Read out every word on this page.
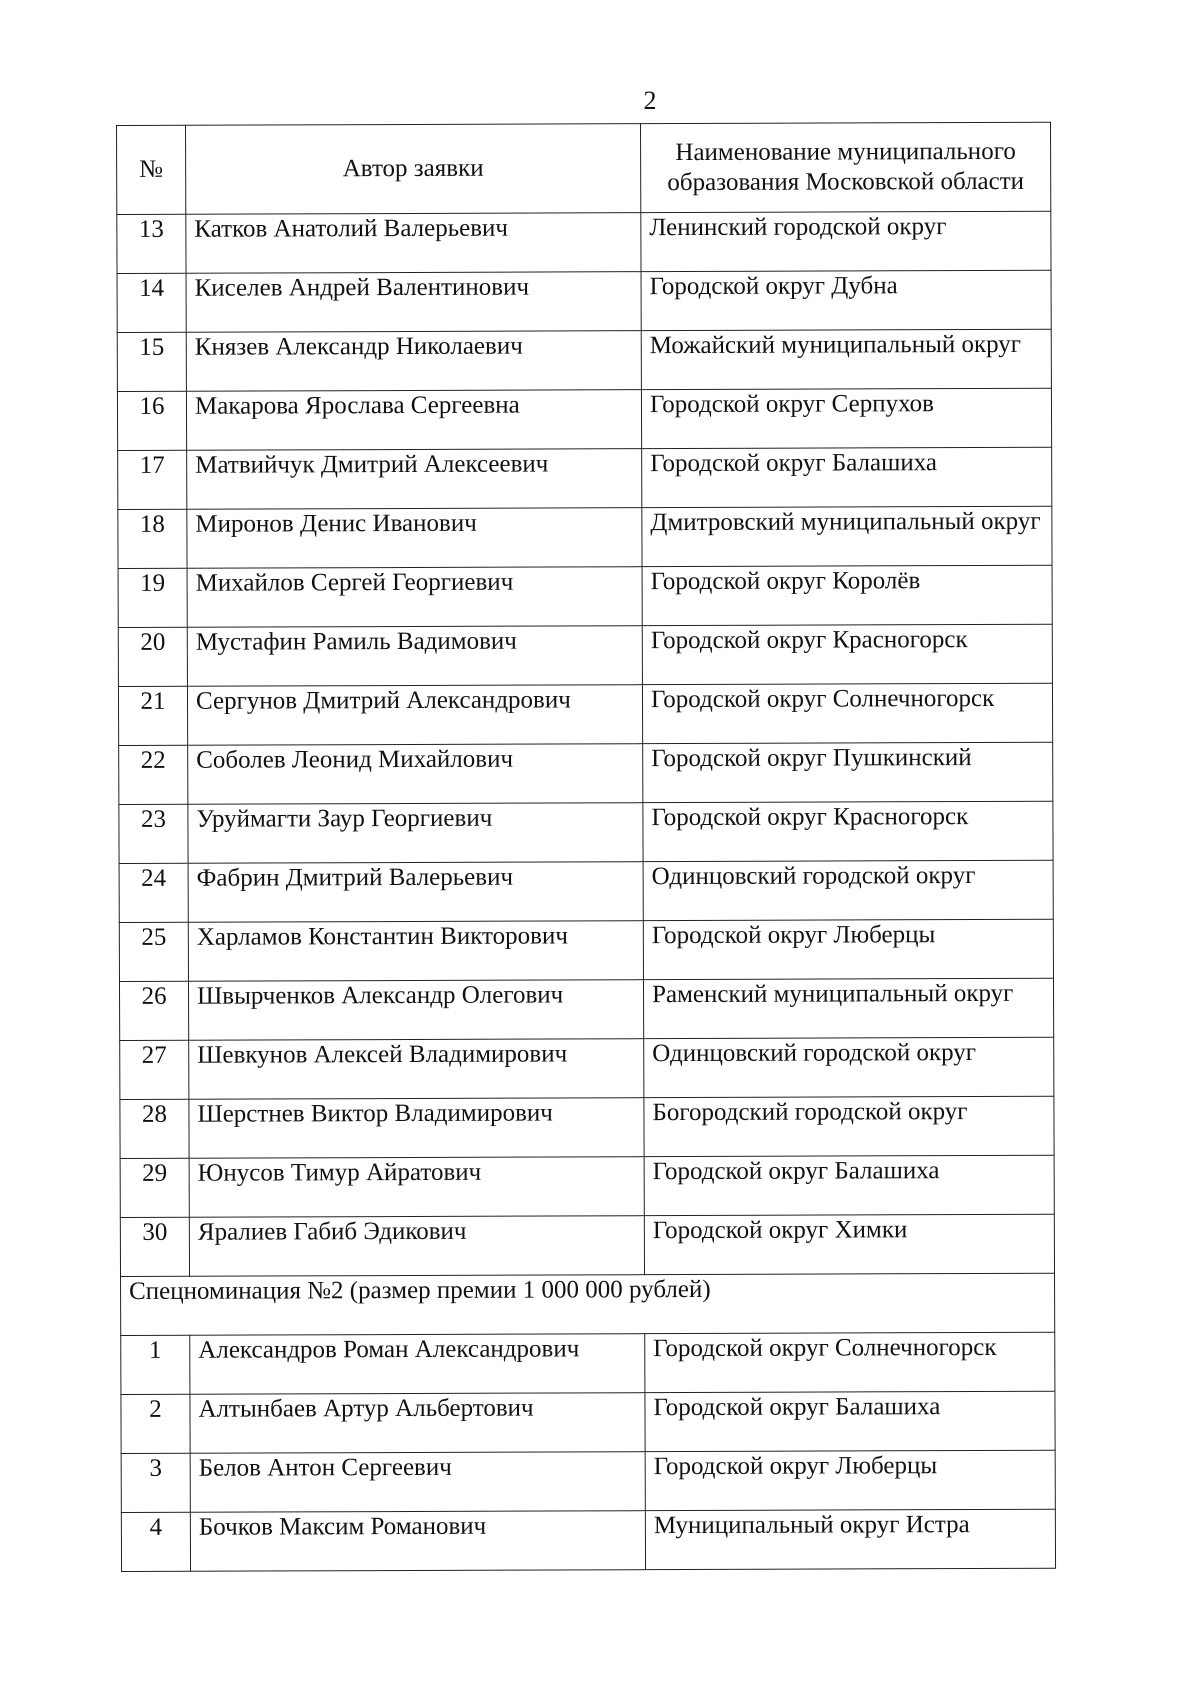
2
№	Автор заявки	Наименование муниципального образования Московской области
13	Катков Анатолий Валерьевич	Ленинский городской округ
14	Киселев Андрей Валентинович	Городской округ Дубна
15	Князев Александр Николаевич	Можайский муниципальный округ
16	Макарова Ярослава Сергеевна	Городской округ Серпухов
17	Матвийчук Дмитрий Алексеевич	Городской округ Балашиха
18	Миронов Денис Иванович	Дмитровский муниципальный округ
19	Михайлов Сергей Георгиевич	Городской округ Королёв
20	Мустафин Рамиль Вадимович	Городской округ Красногорск
21	Сергунов Дмитрий Александрович	Городской округ Солнечногорск
22	Соболев Леонид Михайлович	Городской округ Пушкинский
23	Уруймагти Заур Георгиевич	Городской округ Красногорск
24	Фабрин Дмитрий Валерьевич	Одинцовский городской округ
25	Харламов Константин Викторович	Городской округ Люберцы
26	Швырченков Александр Олегович	Раменский муниципальный округ
27	Шевкунов Алексей Владимирович	Одинцовский городской округ
28	Шерстнев Виктор Владимирович	Богородский городской округ
29	Юнусов Тимур Айратович	Городской округ Балашиха
30	Яралиев Габиб Эдикович	Городской округ Химки
Спецноминация №2 (размер премии 1 000 000 рублей)		
1	Александров Роман Александрович	Городской округ Солнечногорск
2	Алтынбаев Артур Альбертович	Городской округ Балашиха
3	Белов Антон Сергеевич	Городской округ Люберцы
4	Бочков Максим Романович	Муниципальный округ Истра
